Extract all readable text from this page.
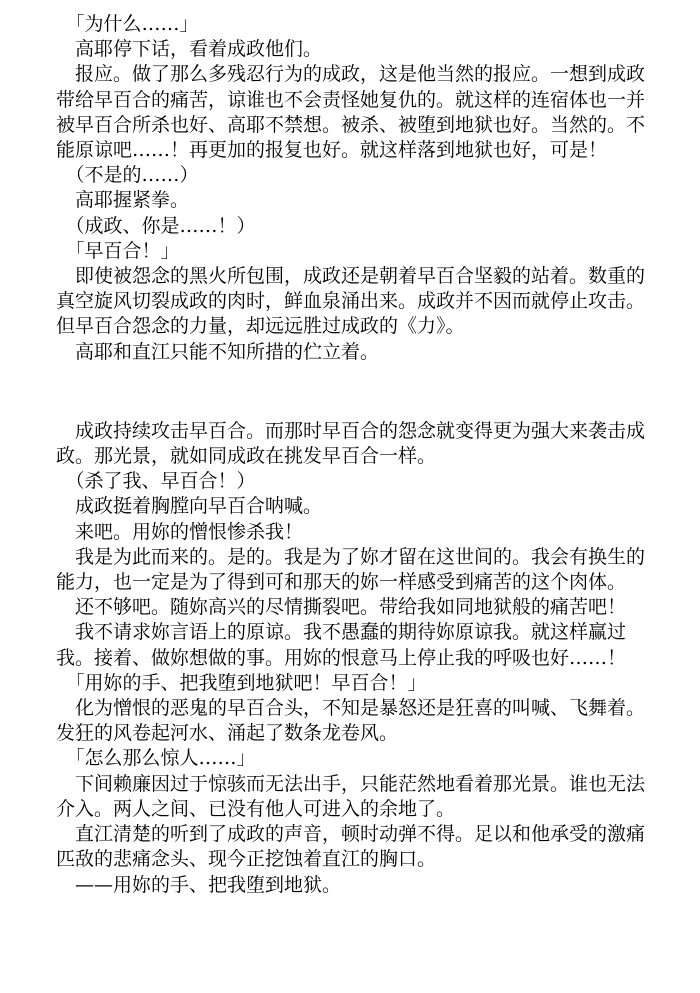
　「为什么……」

　高耶停下话，看着成政他们。

　报应。做了那么多残忍行为的成政，这是他当然的报应。一想到成政带给早百合的痛苦，谅谁也不会责怪她复仇的。就这样的连宿体也一并被早百合所杀也好、高耶不禁想。被杀、被堕到地狱也好。当然的。不能原谅吧……！再更加的报复也好。就这样落到地狱也好，可是！

　（不是的……）

　高耶握紧拳。

　（成政、你是……！）

　「早百合！」

　即使被怨念的黑火所包围，成政还是朝着早百合坚毅的站着。数重的真空旋风切裂成政的肉时，鲜血泉涌出来。成政并不因而就停止攻击。但早百合怨念的力量，却远远胜过成政的《力》。

　高耶和直江只能不知所措的伫立着。

　成政持续攻击早百合。而那时早百合的怨念就变得更为强大来袭击成政。那光景，就如同成政在挑发早百合一样。

　（杀了我、早百合！）

　成政挺着胸膛向早百合呐喊。

　来吧。用妳的憎恨惨杀我！

　我是为此而来的。是的。我是为了妳才留在这世间的。我会有换生的能力，也一定是为了得到可和那天的妳一样感受到痛苦的这个肉体。

　还不够吧。随妳高兴的尽情撕裂吧。带给我如同地狱般的痛苦吧！

　我不请求妳言语上的原谅。我不愚蠢的期待妳原谅我。就这样赢过我。接着、做妳想做的事。用妳的恨意马上停止我的呼吸也好……！

　「用妳的手、把我堕到地狱吧！早百合！」

　化为憎恨的恶鬼的早百合头，不知是暴怒还是狂喜的叫喊、飞舞着。发狂的风卷起河水、涌起了数条龙卷风。

　「怎么那么惊人……」

　下间赖廉因过于惊骇而无法出手，只能茫然地看着那光景。谁也无法介入。两人之间、已没有他人可进入的余地了。

　直江清楚的听到了成政的声音，顿时动弹不得。足以和他承受的激痛匹敌的悲痛念头、现今正挖蚀着直江的胸口。

　——用妳的手、把我堕到地狱。
